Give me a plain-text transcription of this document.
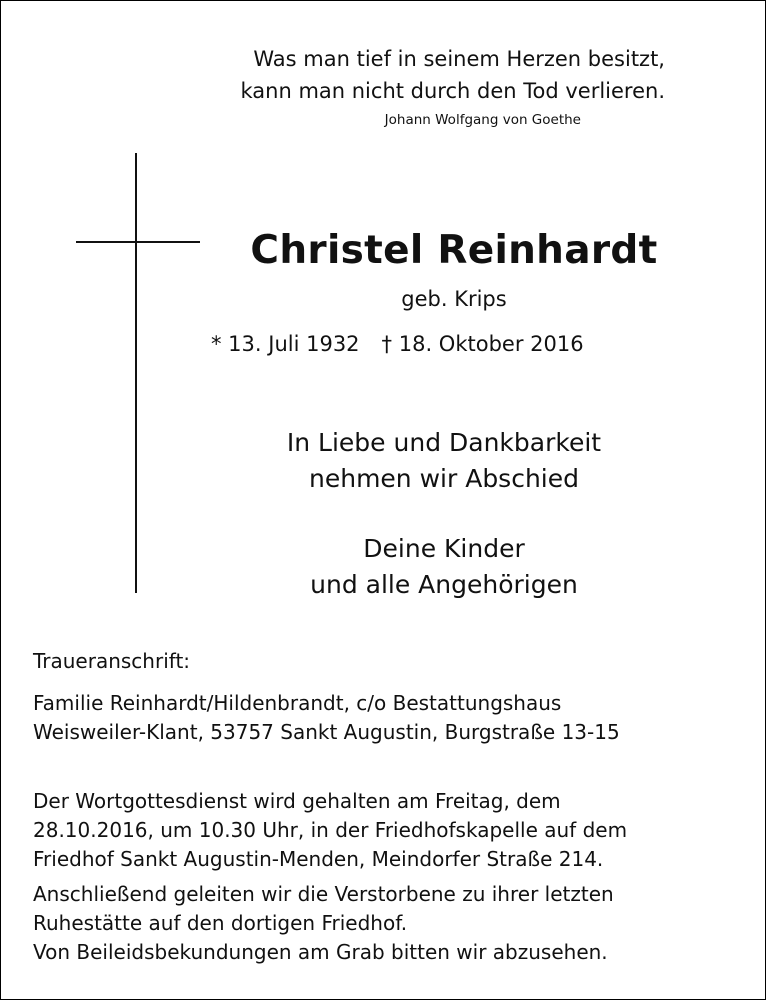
Was man tief in seinem Herzen besitzt,
kann man nicht durch den Tod verlieren.
Johann Wolfgang von Goethe
Christel Reinhardt
geb. Krips
* 13. Juli 1932 † 18. Oktober 2016
In Liebe und Dankbarkeit
nehmen wir Abschied
Deine Kinder
und alle Angehörigen
Traueranschrift:
Familie Reinhardt/Hildenbrandt, c/o Bestattungshaus
Weisweiler-Klant, 53757 Sankt Augustin, Burgstraße 13-15
Der Wortgottesdienst wird gehalten am Freitag, dem
28.10.2016, um 10.30 Uhr, in der Friedhofskapelle auf dem
Friedhof Sankt Augustin-Menden, Meindorfer Straße 214.
Anschließend geleiten wir die Verstorbene zu ihrer letzten
Ruhestätte auf den dortigen Friedhof.
Von Beileidsbekundungen am Grab bitten wir abzusehen.
